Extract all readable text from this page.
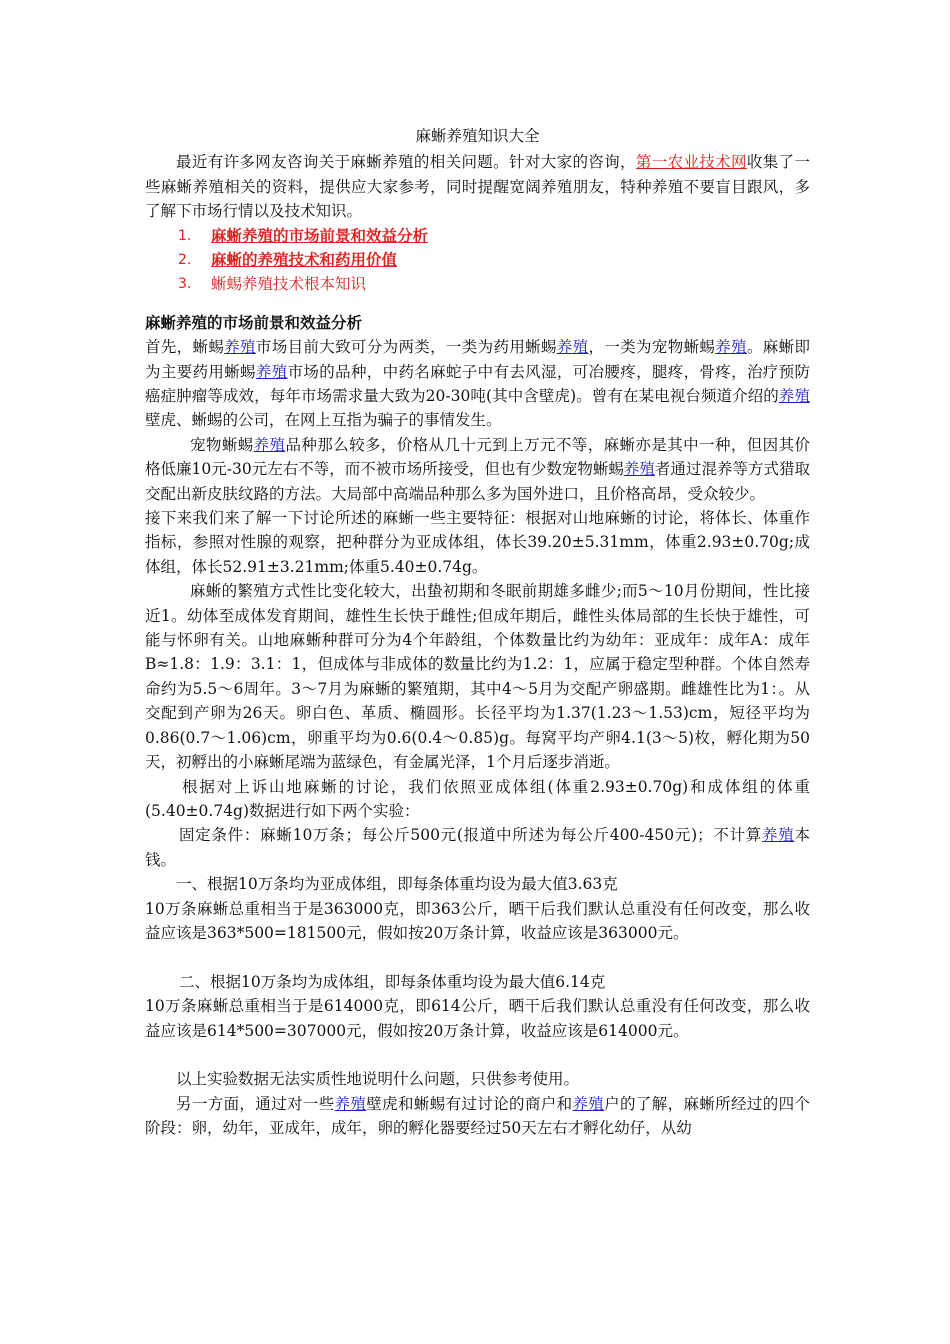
麻蜥养殖知识大全

最近有许多网友咨询关于麻蜥养殖的相关问题。针对大家的咨询，第一农业技术网收集了一些麻蜥养殖相关的资料，提供应大家参考，同时提醒宽阔养殖朋友，特种养殖不要盲目跟风，多了解下市场行情以及技术知识。

1. 麻蜥养殖的市场前景和效益分析
2. 麻蜥的养殖技术和药用价值
3. 蜥蜴养殖技术根本知识
麻蜥养殖的市场前景和效益分析

首先，蜥蜴养殖市场目前大致可分为两类，一类为药用蜥蜴养殖，一类为宠物蜥蜴养殖。麻蜥即为主要药用蜥蜴养殖市场的品种，中药名麻蛇子中有去风湿，可冶腰疼，腿疼，骨疼，治疗预防癌症肿瘤等成效，每年市场需求量大致为20-30吨(其中含壁虎)。曾有在某电视台频道介绍的养殖壁虎、蜥蜴的公司，在网上互指为骗子的事情发生。

宠物蜥蜴养殖品种那么较多，价格从几十元到上万元不等，麻蜥亦是其中一种，但因其价格低廉10元-30元左右不等，而不被市场所接受，但也有少数宠物蜥蜴养殖者通过混养等方式猎取交配出新皮肤纹路的方法。大局部中高端品种那么多为国外进口，且价格高昂，受众较少。

接下来我们来了解一下讨论所述的麻蜥一些主要特征：根据对山地麻蜥的讨论，将体长、体重作指标，参照对性腺的观察，把种群分为亚成体组，体长39.20±5.31mm，体重2.93±0.70g;成体组，体长52.91±3.21mm;体重5.40±0.74g。

麻蜥的繁殖方式性比变化较大，出蛰初期和冬眠前期雄多雌少;而5～10月份期间，性比接近1。幼体至成体发育期间，雄性生长快于雌性;但成年期后，雌性头体局部的生长快于雄性，可能与怀卵有关。山地麻蜥种群可分为4个年龄组，个体数量比约为幼年：亚成年：成年A：成年B≈1.8：1.9：3.1：1，但成体与非成体的数量比约为1.2：1，应属于稳定型种群。个体自然寿命约为5.5～6周年。3～7月为麻蜥的繁殖期，其中4～5月为交配产卵盛期。雌雄性比为1：。从交配到产卵为26天。卵白色、革质、椭圆形。长径平均为1.37(1.23～1.53)cm，短径平均为0.86(0.7～1.06)cm，卵重平均为0.6(0.4～0.85)g。每窝平均产卵4.1(3～5)枚，孵化期为50天，初孵出的小麻蜥尾端为蓝绿色，有金属光泽，1个月后逐步消逝。

根据对上诉山地麻蜥的讨论，我们依照亚成体组(体重2.93±0.70g)和成体组的体重(5.40±0.74g)数据进行如下两个实验：

固定条件：麻蜥10万条；每公斤500元(报道中所述为每公斤400-450元)；不计算养殖本钱。

一、根据10万条均为亚成体组，即每条体重均设为最大值3.63克

10万条麻蜥总重相当于是363000克，即363公斤，晒干后我们默认总重没有任何改变，那么收益应该是363*500=181500元，假如按20万条计算，收益应该是363000元。

二、根据10万条均为成体组，即每条体重均设为最大值6.14克

10万条麻蜥总重相当于是614000克，即614公斤，晒干后我们默认总重没有任何改变，那么收益应该是614*500=307000元，假如按20万条计算，收益应该是614000元。

以上实验数据无法实质性地说明什么问题，只供参考使用。

另一方面，通过对一些养殖壁虎和蜥蜴有过讨论的商户和养殖户的了解，麻蜥所经过的四个阶段：卵，幼年，亚成年，成年，卵的孵化器要经过50天左右才孵化幼仔，从幼
